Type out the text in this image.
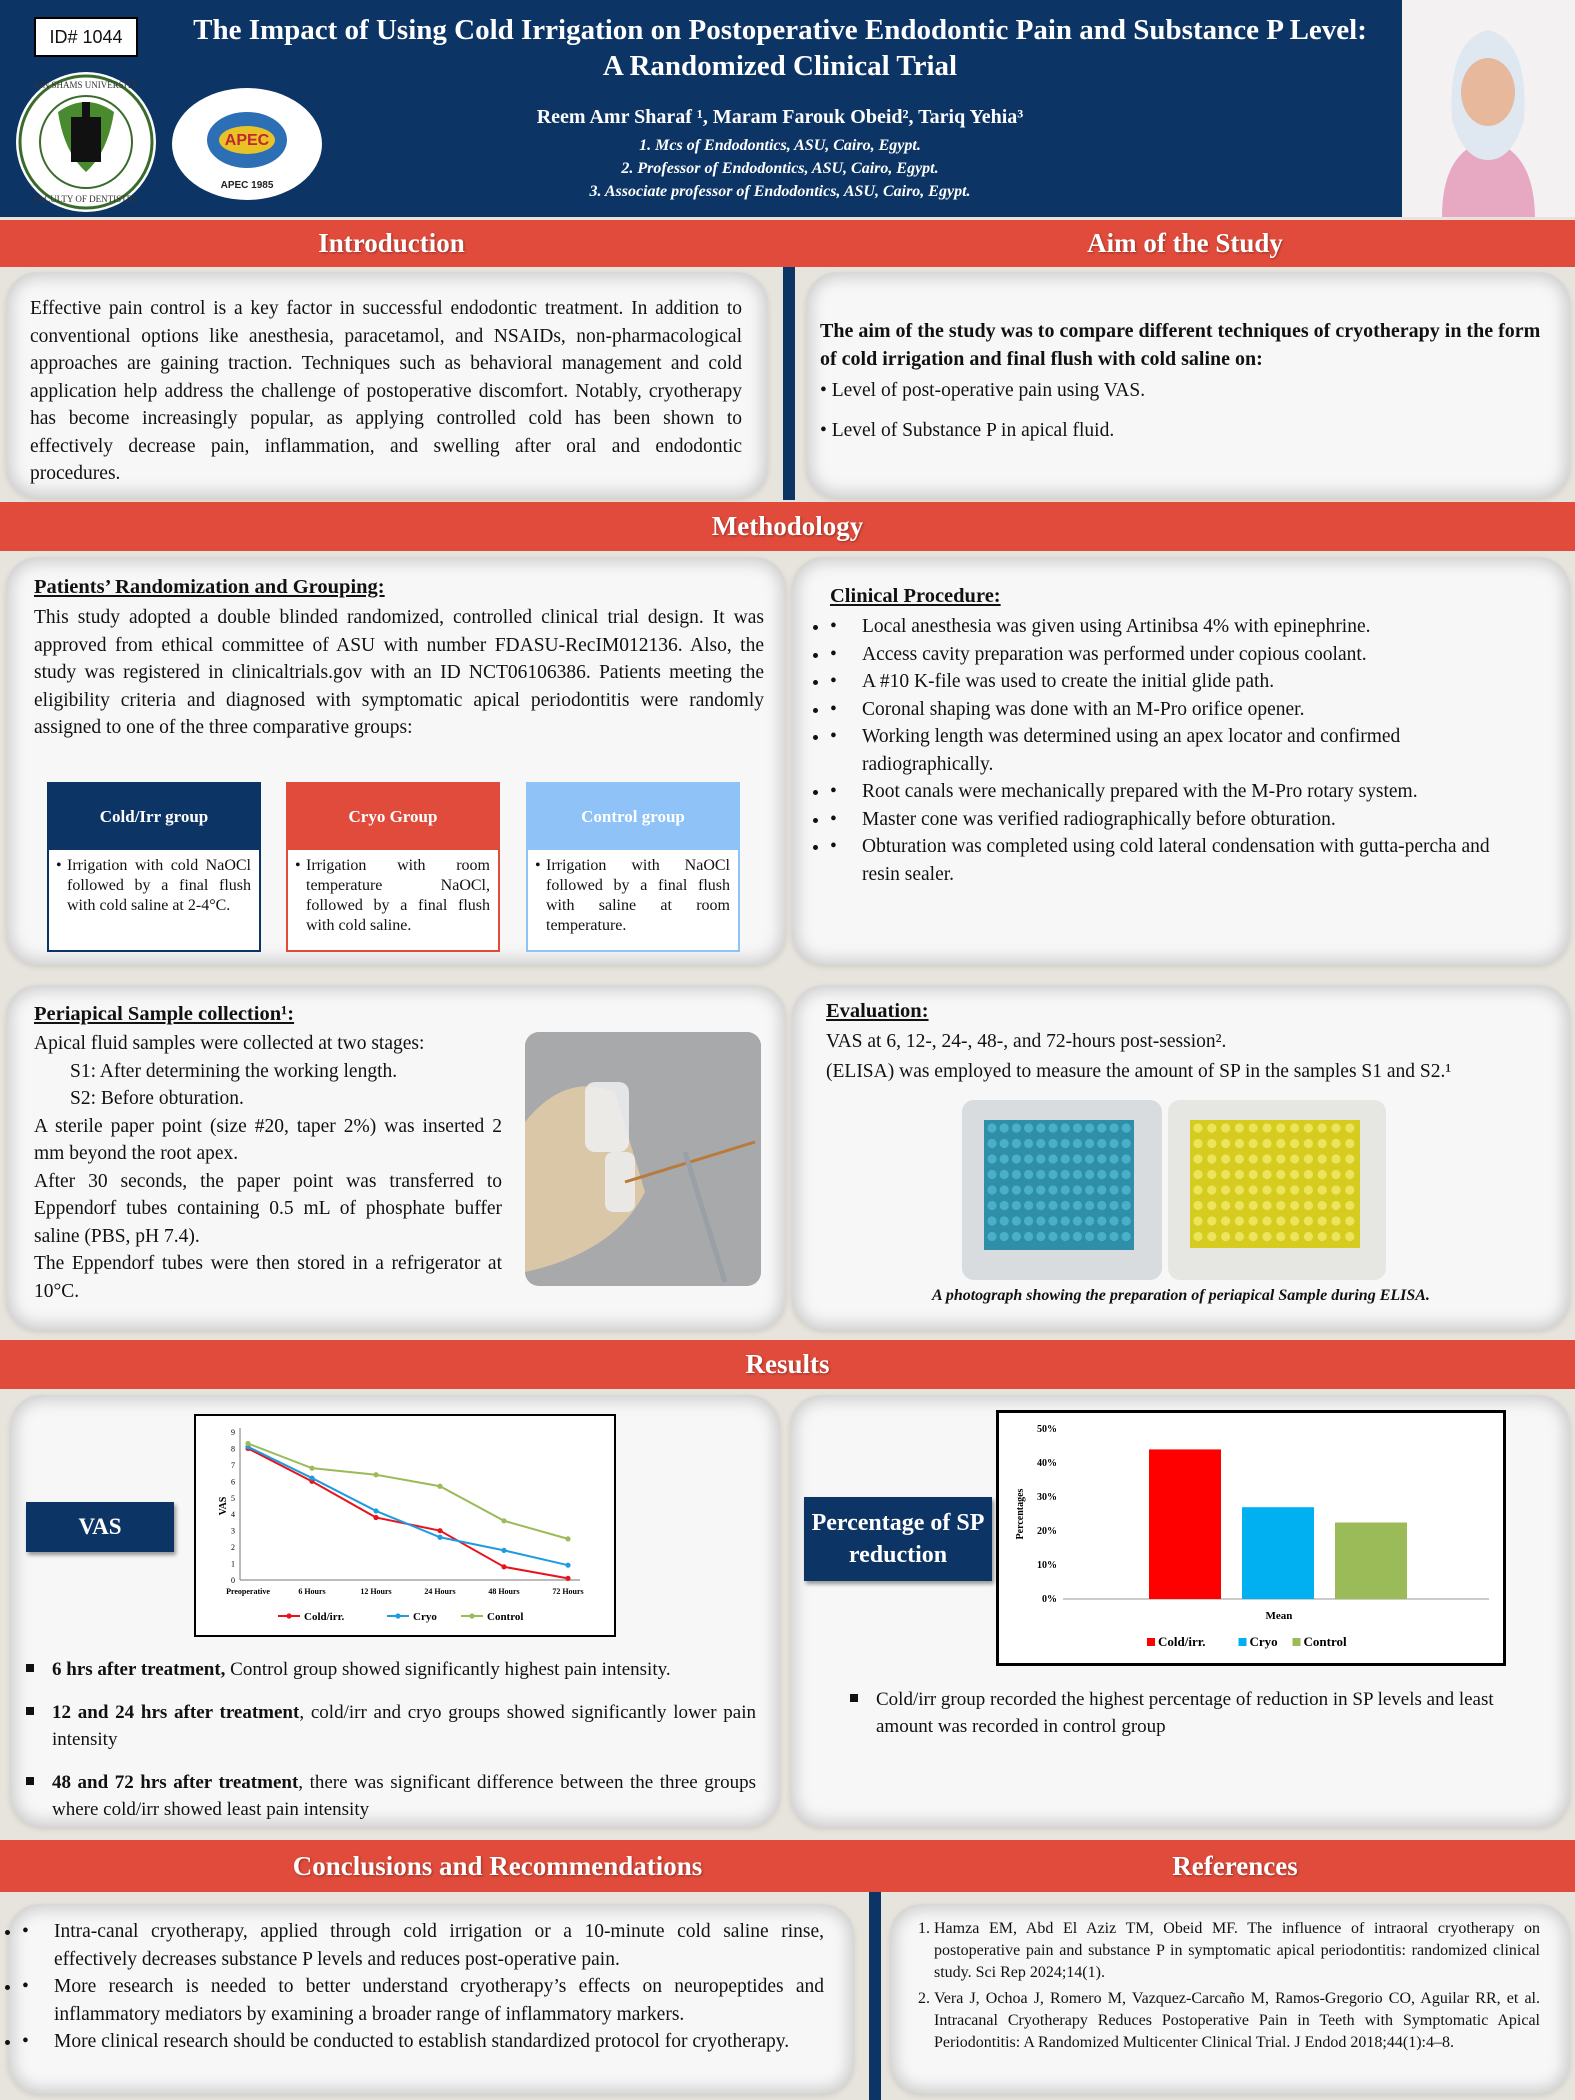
ID# 1044
AIN SHAMS UNIVERSITY
FACULTY OF DENTISTRY
APEC
APEC 1985
The Impact of Using Cold Irrigation on Postoperative Endodontic Pain and Substance P Level:
A Randomized Clinical Trial
Reem Amr Sharaf ¹, Maram Farouk Obeid², Tariq Yehia³
1. Mcs of Endodontics, ASU, Cairo, Egypt.
2. Professor of Endodontics, ASU, Cairo, Egypt.
3. Associate professor of Endodontics, ASU, Cairo, Egypt.
Introduction	Aim of the Study
Effective pain control is a key factor in successful endodontic treatment. In addition to conventional options like anesthesia, paracetamol, and NSAIDs, non-pharmacological approaches are gaining traction. Techniques such as behavioral management and cold application help address the challenge of postoperative discomfort. Notably, cryotherapy has become increasingly popular, as applying controlled cold has been shown to effectively decrease pain, inflammation, and swelling after oral and endodontic procedures.
The aim of the study was to compare different techniques of cryotherapy in the form of cold irrigation and final flush with cold saline on:
• Level of post-operative pain using VAS.
• Level of Substance P in apical fluid.
Methodology
Patients’ Randomization and Grouping:
This study adopted a double blinded randomized, controlled clinical trial design. It was approved from ethical committee of ASU with number FDASU-RecIM012136. Also, the study was registered in clinicaltrials.gov with an ID NCT06106386. Patients meeting the eligibility criteria and diagnosed with symptomatic apical periodontitis were randomly assigned to one of the three comparative groups:
Cold/Irr group
• Irrigation with cold NaOCl followed by a final flush with cold saline at 2-4°C.
Cryo Group
• Irrigation with room temperature NaOCl, followed by a final flush with cold saline.
Control group
• Irrigation with NaOCl followed by a final flush with saline at room temperature.
Clinical Procedure:
• • Local anesthesia was given using Artinibsa 4% with epinephrine.
• • Access cavity preparation was performed under copious coolant.
• • A #10 K-file was used to create the initial glide path.
• • Coronal shaping was done with an M-Pro orifice opener.
• • Working length was determined using an apex locator and confirmed radiographically.
• • Root canals were mechanically prepared with the M-Pro rotary system.
• • Master cone was verified radiographically before obturation.
• • Obturation was completed using cold lateral condensation with gutta-percha and resin sealer.
Periapical Sample collection¹:
Apical fluid samples were collected at two stages:
S1: After determining the working length.
S2: Before obturation.
A sterile paper point (size #20, taper 2%) was inserted 2 mm beyond the root apex.
After 30 seconds, the paper point was transferred to Eppendorf tubes containing 0.5 mL of phosphate buffer saline (PBS, pH 7.4).
The Eppendorf tubes were then stored in a refrigerator at 10°C.
Evaluation:
VAS at 6, 12-, 24-, 48-, and 72-hours post-session².
(ELISA) was employed to measure the amount of SP in the samples S1 and S2.¹
A photograph showing the preparation of periapical Sample during ELISA.
Results
VAS	Percentage of SP reduction
0
1
2
3
4
5
6
7
8
9
Preoperative	6 Hours	12 Hours	24 Hours	48 Hours	72 Hours
VAS
Cold/irr.	Cryo	Control
0%
10%
20%
30%
40%
50%
Percentages
Mean
Cold/irr.	Cryo Control
6 hrs after treatment, Control group showed significantly highest pain intensity.
12 and 24 hrs after treatment, cold/irr and cryo groups showed significantly lower pain intensity
48 and 72 hrs after treatment, there was significant difference between the three groups where cold/irr showed least pain intensity
Cold/irr group recorded the highest percentage of reduction in SP levels and least amount was recorded in control group
Conclusions and Recommendations	References
• • Intra-canal cryotherapy, applied through cold irrigation or a 10-minute cold saline rinse, effectively decreases substance P levels and reduces post-operative pain.
• • More research is needed to better understand cryotherapy’s effects on neuropeptides and inflammatory mediators by examining a broader range of inflammatory markers.
• • More clinical research should be conducted to establish standardized protocol for cryotherapy.
1. Hamza EM, Abd El Aziz TM, Obeid MF. The influence of intraoral cryotherapy on postoperative pain and substance P in symptomatic apical periodontitis: randomized clinical study. Sci Rep 2024;14(1).
2. Vera J, Ochoa J, Romero M, Vazquez-Carcaño M, Ramos-Gregorio CO, Aguilar RR, et al. Intracanal Cryotherapy Reduces Postoperative Pain in Teeth with Symptomatic Apical Periodontitis: A Randomized Multicenter Clinical Trial. J Endod 2018;44(1):4–8.
